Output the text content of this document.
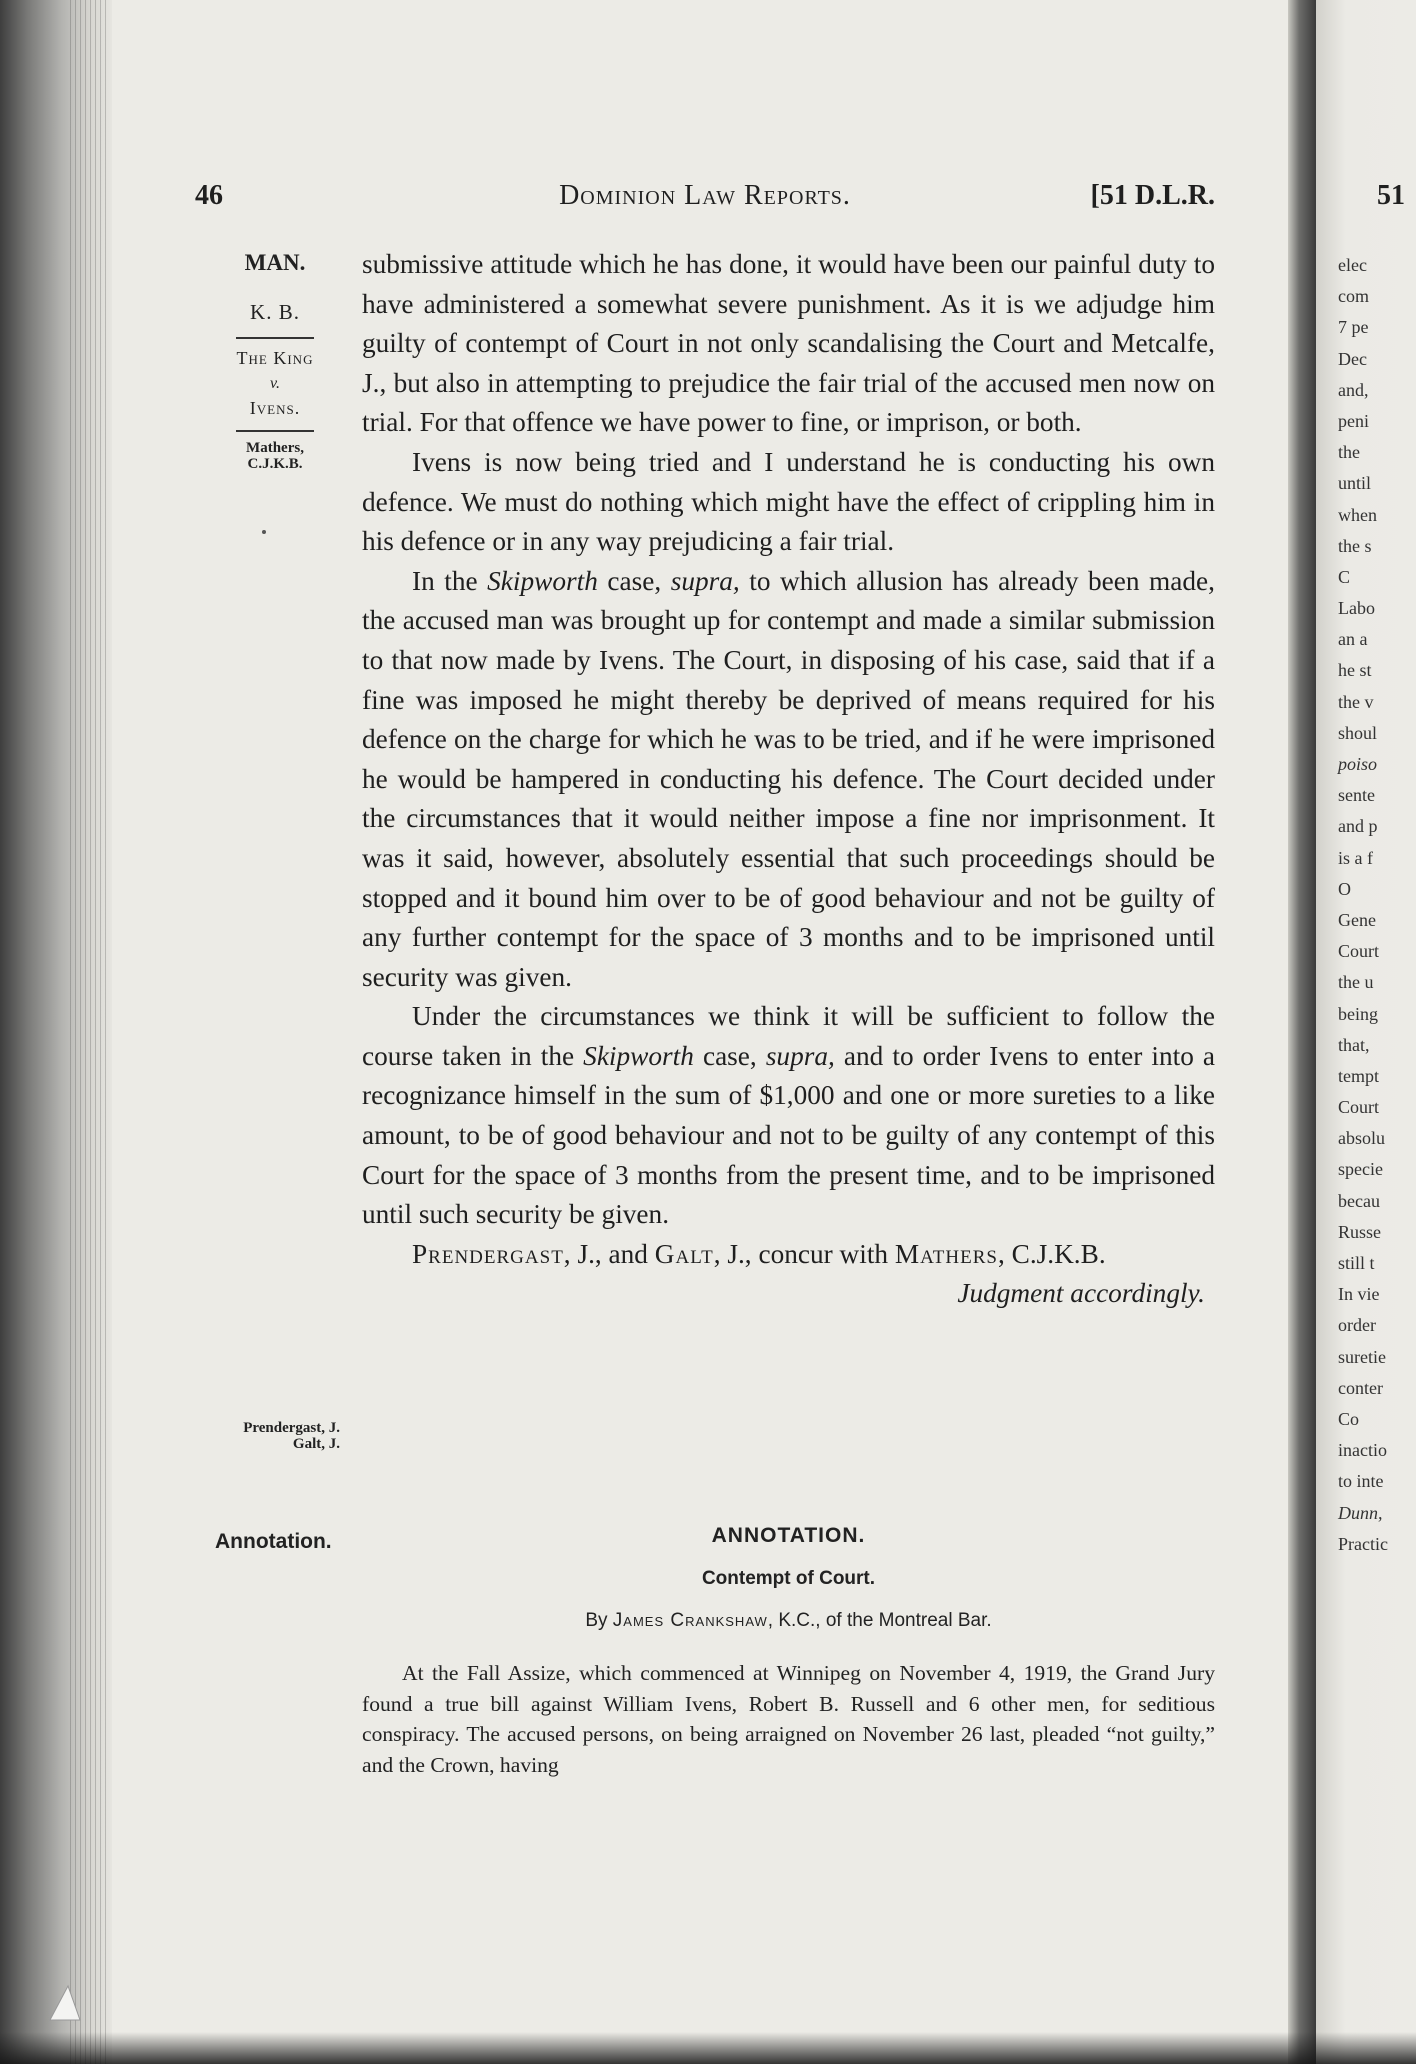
46	Dominion Law Reports.	[51 D.L.R.
MAN.
K. B.
The King
v.
Ivens.
Mathers,
C.J.K.B.
Prendergast, J.
Galt, J.
Annotation.

submissive attitude which he has done, it would have been our painful duty to have administered a somewhat severe punishment. As it is we adjudge him guilty of contempt of Court in not only scandalising the Court and Metcalfe, J., but also in attempting to prejudice the fair trial of the accused men now on trial. For that offence we have power to fine, or imprison, or both.

Ivens is now being tried and I understand he is conducting his own defence. We must do nothing which might have the effect of crippling him in his defence or in any way prejudicing a fair trial.

In the Skipworth case, supra, to which allusion has already been made, the accused man was brought up for contempt and made a similar submission to that now made by Ivens. The Court, in disposing of his case, said that if a fine was imposed he might thereby be deprived of means required for his defence on the charge for which he was to be tried, and if he were imprisoned he would be hampered in conducting his defence. The Court decided under the circumstances that it would neither impose a fine nor imprisonment. It was it said, however, absolutely essential that such proceedings should be stopped and it bound him over to be of good behaviour and not be guilty of any further contempt for the space of 3 months and to be imprisoned until security was given.

Under the circumstances we think it will be sufficient to follow the course taken in the Skipworth case, supra, and to order Ivens to enter into a recognizance himself in the sum of $1,000 and one or more sureties to a like amount, to be of good behaviour and not to be guilty of any contempt of this Court for the space of 3 months from the present time, and to be imprisoned until such security be given.

Prendergast, J., and Galt, J., concur with Mathers, C.J.K.B.
Judgment accordingly.

ANNOTATION.
Contempt of Court.
By James Crankshaw, K.C., of the Montreal Bar.
At the Fall Assize, which commenced at Winnipeg on November 4, 1919, the Grand Jury found a true bill against William Ivens, Robert B. Russell and 6 other men, for seditious conspiracy. The accused persons, on being arraigned on November 26 last, pleaded “not guilty,” and the Crown, having
51
elec
com
7 pe
Dec
and,
peni
the
until
when
the s
C
Labo
an a
he st
the v
shoul
poiso
sente
and p
is a f
O
Gene
Court
the u
being
that,
tempt
Court
absolu
specie
becau
Russe
still t
In vie
order
suretie
conter
Co
inactio
to inte
Dunn,
Practic
